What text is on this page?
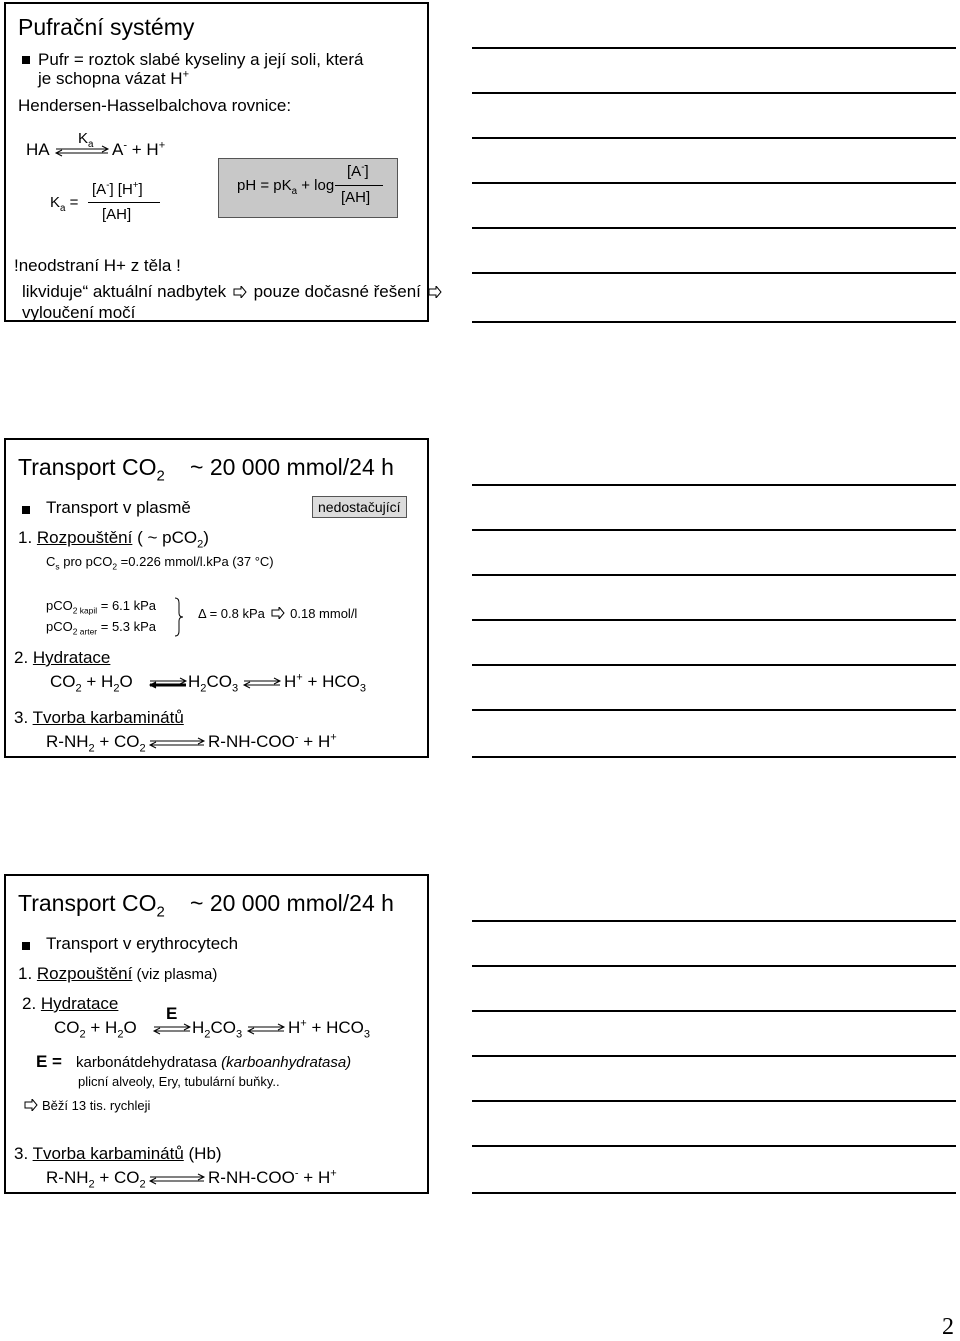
Pufrační systémy
Pufr = roztok slabé kyseliny a její soli, která
je schopna vázat H+
Hendersen-Hasselbalchova rovnice:
HA
$K_a$ ⇌ A- + H+
$K_a$ =
[A-] [H+]
[AH]
pH = $pK_a + \log$
[A-]
[AH]
!neodstraní H+ z těla !
likviduje“ aktuální nadbytek pouze dočasné řešení
vyloučení močí
Transport $CO_2$ ~ 20 000 mmol/24 h
Transport v plasmě	nedostačující
1. Rozpouštění ( ~ pCO$_2$)
$C_s$ pro pCO$_2$ =0.226 mmol/l.kPa (37 °C)
pCO$_{2 kapil}$ = 6.1 kPa
pCO$_{2 arter}$ = 5.3 kPa
Δ = 0.8 kPa 0.18 mmol/l
2. Hydratace
$CO_2 + H_2O$ ⇌ $H_2CO_3$ ⇌ $H^+ + HCO_3$
3. Tvorba karbaminátů
$R-NH_2 + CO_2$ ⇌ R-NH-COO- + H+
Transport $CO_2$ ~ 20 000 mmol/24 h
Transport v erythrocytech
1. Rozpouštění (viz plasma)
2. Hydratace
E
$CO_2 + H_2O$ ⇌ $H_2CO_3$ ⇌ $H^+ + HCO_3$
E = karbonátdehydratasa (karboanhydratasa)
plicní alveoly, Ery, tubulární buňky..
Běží 13 tis. rychleji
3. Tvorba karbaminátů (Hb)
$R-NH_2 + CO_2$ ⇌ R-NH-COO- + H+
2
